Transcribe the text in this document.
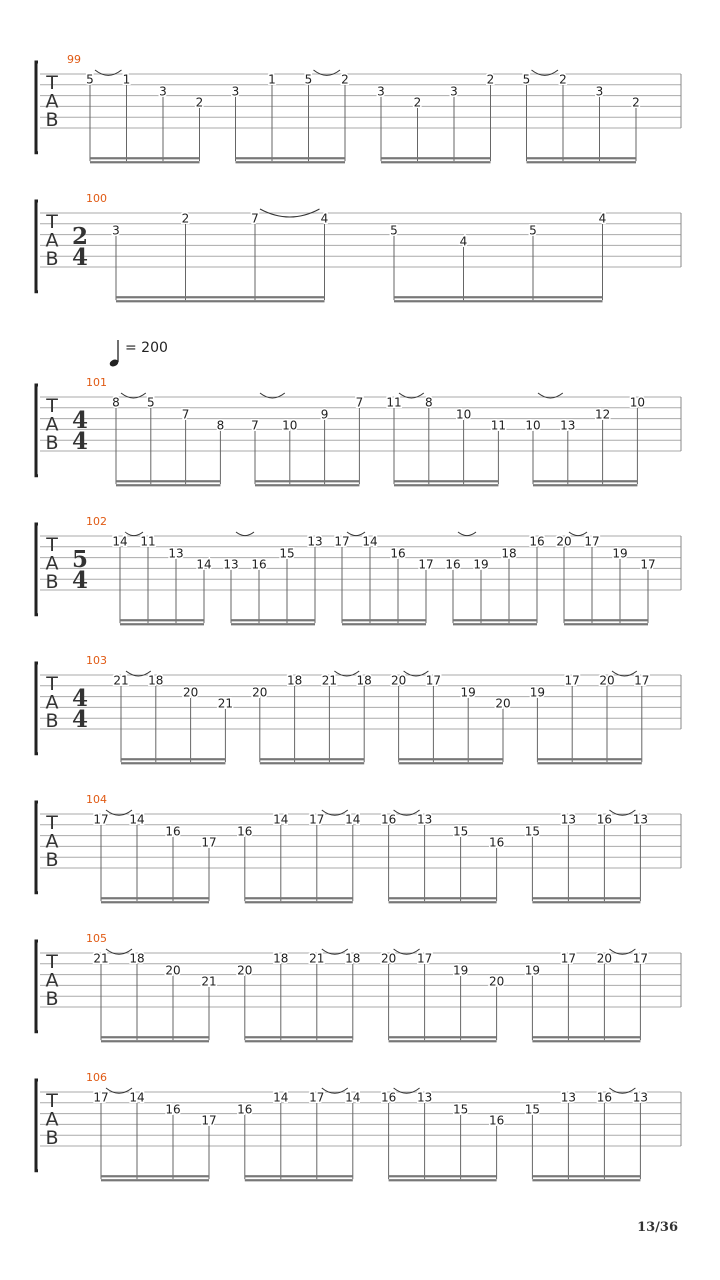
T
A
B
99
5 1
3
2
3
1 5 2
3
2
3
2 5 2
3
2
T
A
B
2
4
100
3
2	7	4
5
4
5
4
T
A
B
4
4
101
= 200
8 5
7
8 7 10
9
7 11 8
10
11 10 13
12
10
T
A
B
5
4
102
14 11
13
14 13 16
15
13 17 14
16
17 16 19
18
16 20 17
19
17
T
A
B
4
4
103
21 18
20
21
20
18 21 18 20 17
19
20
19
17 20 17
T
A
B
104
17 14
16
17
16
14 17 14 16 13
15
16
15
13 16 13
T
A
B
105
21 18
20
21
20
18 21 18 20 17
19
20
19
17 20 17
T
A
B
106
17 14
16
17
16
14 17 14 16 13
15
16
15
13 16 13
13/36
